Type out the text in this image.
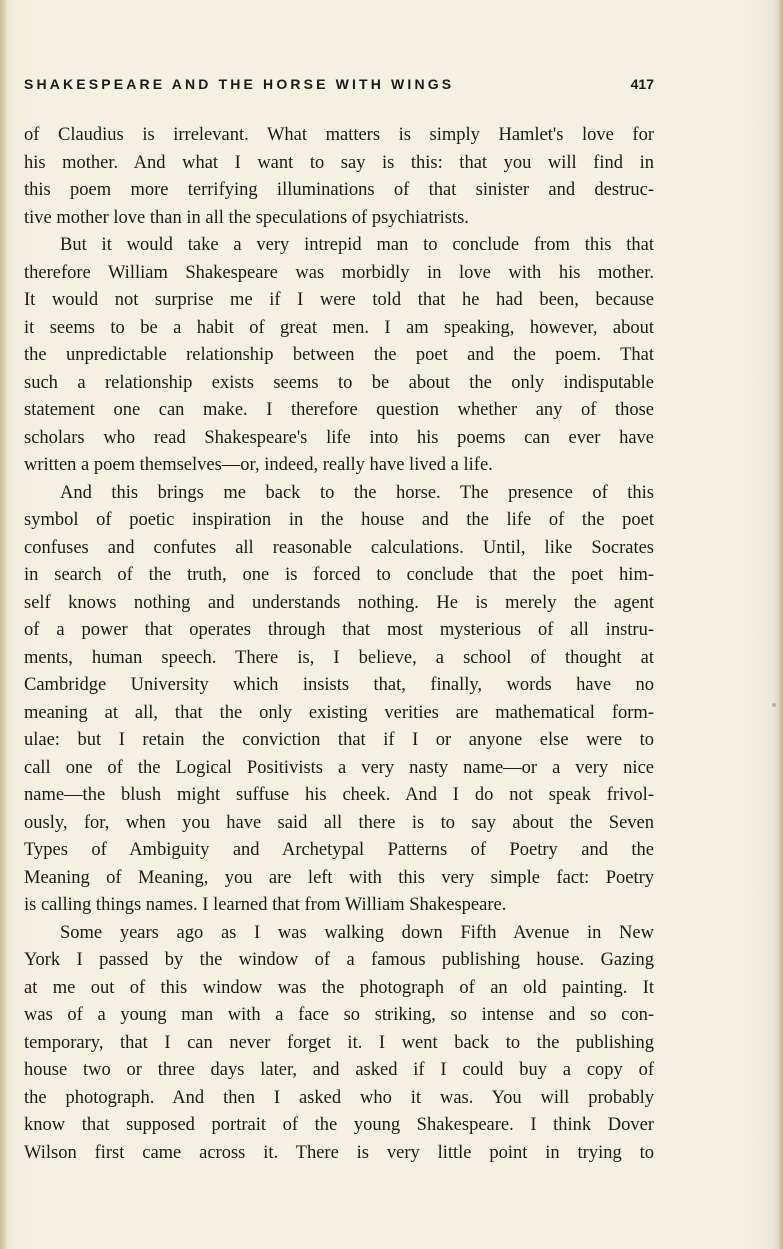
SHAKESPEARE AND THE HORSE WITH WINGS	417
of Claudius is irrelevant. What matters is simply Hamlet's love for
his mother. And what I want to say is this: that you will find in
this poem more terrifying illuminations of that sinister and destruc-
tive mother love than in all the speculations of psychiatrists.
But it would take a very intrepid man to conclude from this that
therefore William Shakespeare was morbidly in love with his mother.
It would not surprise me if I were told that he had been, because
it seems to be a habit of great men. I am speaking, however, about
the unpredictable relationship between the poet and the poem. That
such a relationship exists seems to be about the only indisputable
statement one can make. I therefore question whether any of those
scholars who read Shakespeare's life into his poems can ever have
written a poem themselves—or, indeed, really have lived a life.
And this brings me back to the horse. The presence of this
symbol of poetic inspiration in the house and the life of the poet
confuses and confutes all reasonable calculations. Until, like Socrates
in search of the truth, one is forced to conclude that the poet him-
self knows nothing and understands nothing. He is merely the agent
of a power that operates through that most mysterious of all instru-
ments, human speech. There is, I believe, a school of thought at
Cambridge University which insists that, finally, words have no
meaning at all, that the only existing verities are mathematical form-
ulae: but I retain the conviction that if I or anyone else were to
call one of the Logical Positivists a very nasty name—or a very nice
name—the blush might suffuse his cheek. And I do not speak frivol-
ously, for, when you have said all there is to say about the Seven
Types of Ambiguity and Archetypal Patterns of Poetry and the
Meaning of Meaning, you are left with this very simple fact: Poetry
is calling things names. I learned that from William Shakespeare.
Some years ago as I was walking down Fifth Avenue in New
York I passed by the window of a famous publishing house. Gazing
at me out of this window was the photograph of an old painting. It
was of a young man with a face so striking, so intense and so con-
temporary, that I can never forget it. I went back to the publishing
house two or three days later, and asked if I could buy a copy of
the photograph. And then I asked who it was. You will probably
know that supposed portrait of the young Shakespeare. I think Dover
Wilson first came across it. There is very little point in trying to
